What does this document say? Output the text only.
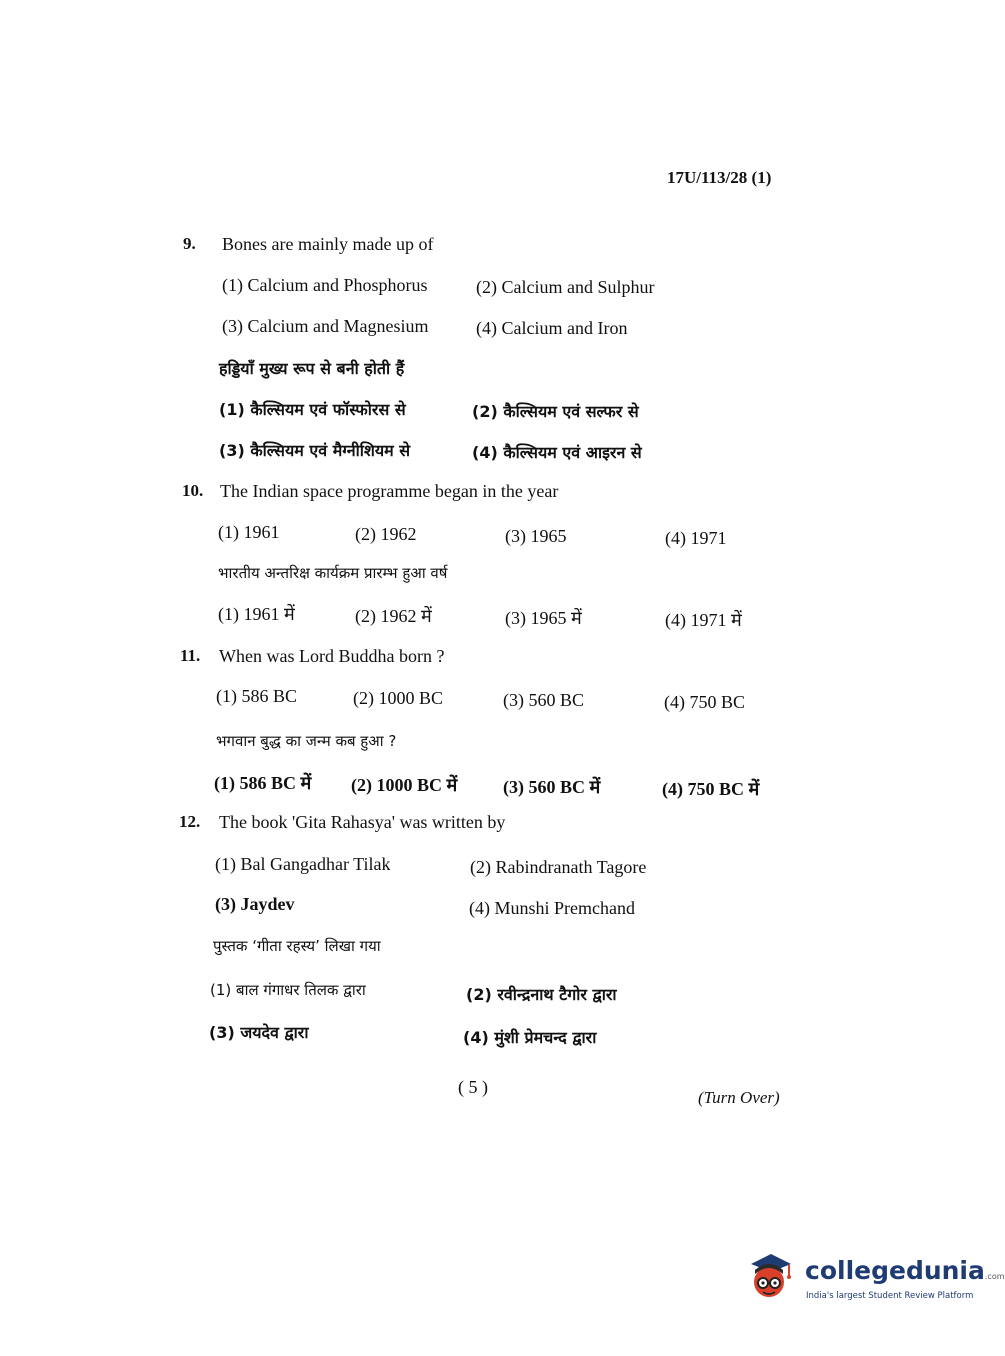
17U/113/28 (1)
9. Bones are mainly made up of
(1) Calcium and Phosphorus	(2) Calcium and Sulphur
(3) Calcium and Magnesium	(4) Calcium and Iron
हड्डियाँ मुख्य रूप से बनी होती हैं
(1) कैल्सियम एवं फॉस्फोरस से	(2) कैल्सियम एवं सल्फर से
(3) कैल्सियम एवं मैग्नीशियम से	(4) कैल्सियम एवं आइरन से
10. The Indian space programme began in the year
(1) 1961	(2) 1962	(3) 1965	(4) 1971
भारतीय अन्तरिक्ष कार्यक्रम प्रारम्भ हुआ वर्ष
(1) 1961 में	(2) 1962 में	(3) 1965 में	(4) 1971 में
11. When was Lord Buddha born ?
(1) 586 BC	(2) 1000 BC	(3) 560 BC	(4) 750 BC
भगवान बुद्ध का जन्म कब हुआ ?
(1) 586 BC में (2) 1000 BC में	(3) 560 BC में	(4) 750 BC में
12. The book 'Gita Rahasya' was written by
(1) Bal Gangadhar Tilak	(2) Rabindranath Tagore
(3) Jaydev	(4) Munshi Premchand
पुस्तक ‘गीता रहस्य’ लिखा गया
(1) बाल गंगाधर तिलक द्वारा	(2) रवीन्द्रनाथ टैगोर द्वारा
(3) जयदेव द्वारा	(4) मुंशी प्रेमचन्द द्वारा
( 5 )
(Turn Over)
collegedunia.com
India's largest Student Review Platform
